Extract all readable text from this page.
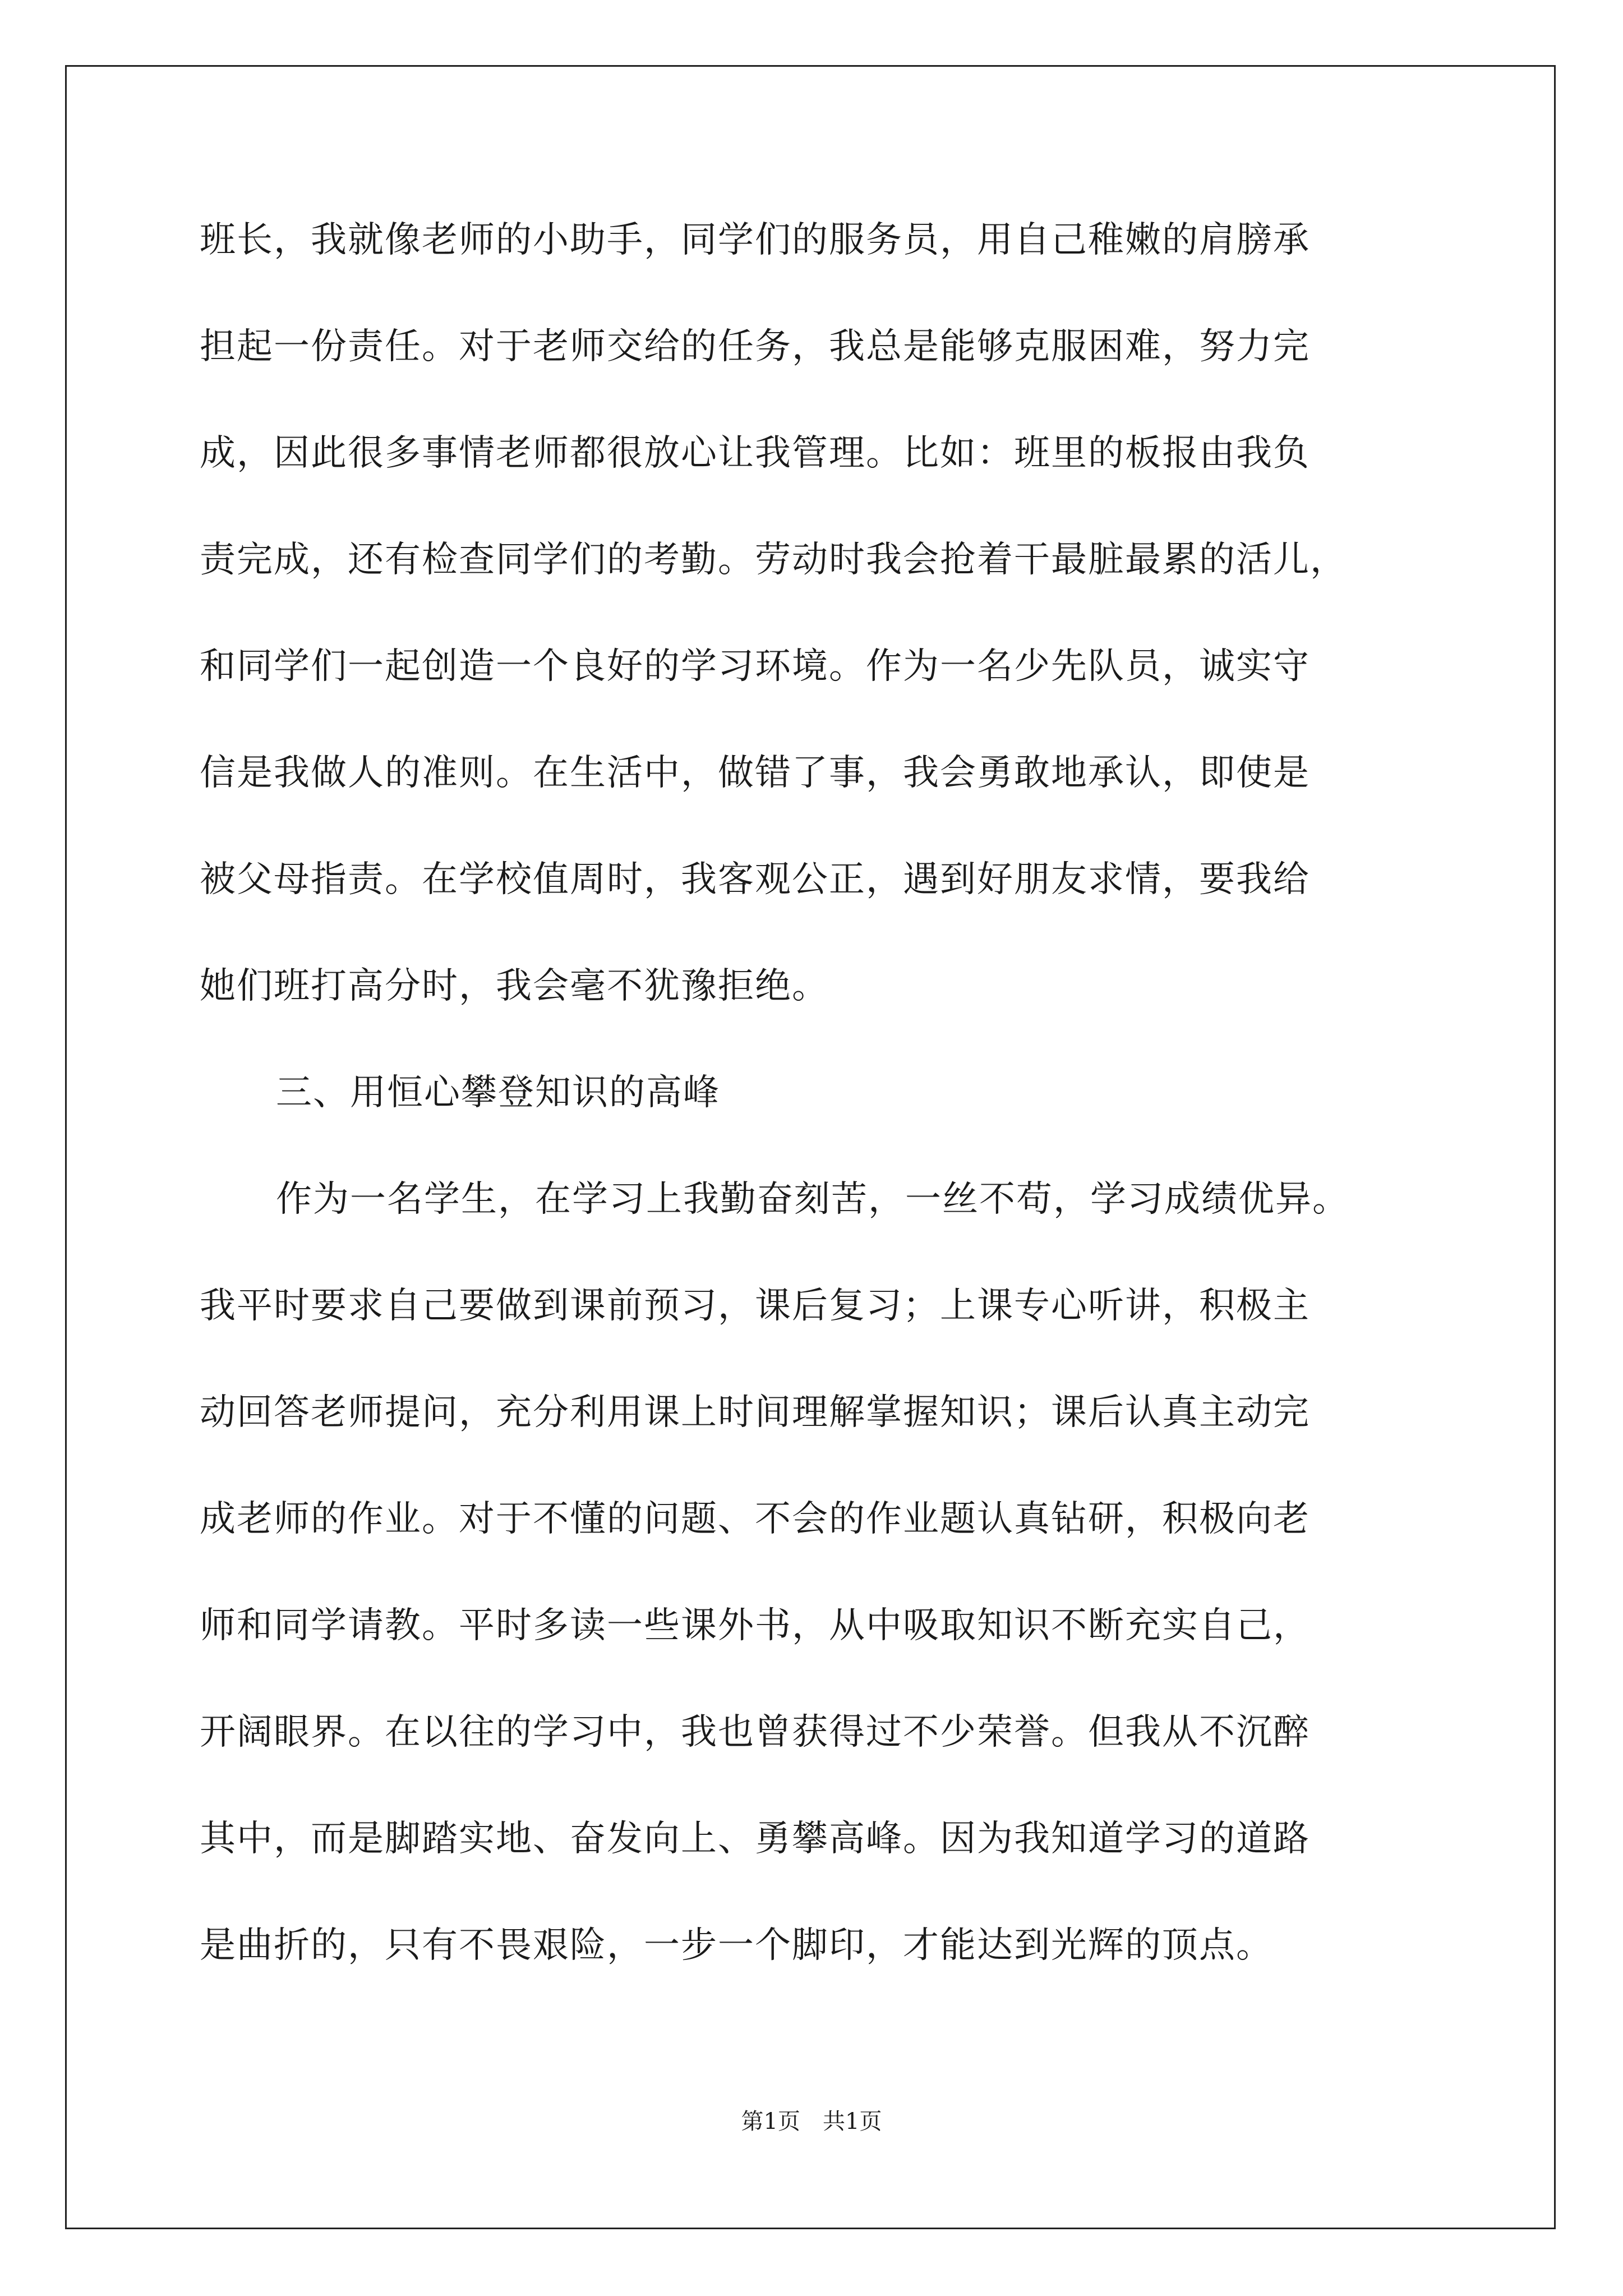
班长，我就像老师的小助手，同学们的服务员，用自己稚嫩的肩膀承
担起一份责任。对于老师交给的任务，我总是能够克服困难，努力完
成，因此很多事情老师都很放心让我管理。比如：班里的板报由我负
责完成，还有检查同学们的考勤。劳动时我会抢着干最脏最累的活儿，
和同学们一起创造一个良好的学习环境。作为一名少先队员，诚实守
信是我做人的准则。在生活中，做错了事，我会勇敢地承认，即使是
被父母指责。在学校值周时，我客观公正，遇到好朋友求情，要我给
她们班打高分时，我会毫不犹豫拒绝。
三、用恒心攀登知识的高峰
作为一名学生，在学习上我勤奋刻苦，一丝不苟，学习成绩优异。
我平时要求自己要做到课前预习，课后复习；上课专心听讲，积极主
动回答老师提问，充分利用课上时间理解掌握知识；课后认真主动完
成老师的作业。对于不懂的问题、不会的作业题认真钻研，积极向老
师和同学请教。平时多读一些课外书，从中吸取知识不断充实自己，
开阔眼界。在以往的学习中，我也曾获得过不少荣誉。但我从不沉醉
其中，而是脚踏实地、奋发向上、勇攀高峰。因为我知道学习的道路
是曲折的，只有不畏艰险，一步一个脚印，才能达到光辉的顶点。
第1页　共1页
